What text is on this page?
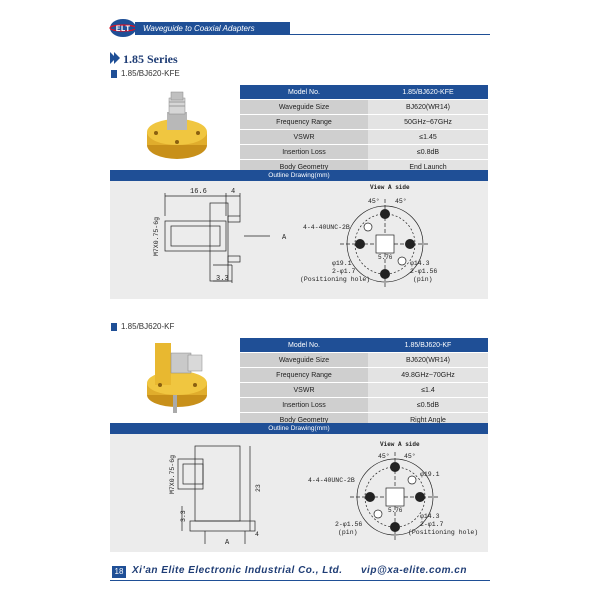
ELT	Waveguide to Coaxial Adapters
1.85 Series
1.85/BJ620-KFE
Model No.	1.85/BJ620-KFE
Waveguide Size	BJ620(WR14)
Frequency Range	50GHz~67GHz
VSWR	≤1.45
Insertion Loss	≤0.8dB
Body Geometry	End Launch
Outline Drawing(mm)
16.6	4
M7X0.75-6g
3.3
A
View A side
45° 45°
4-4-40UNC-2B
5.76
φ19.1
2-φ1.7
(Positioning hole)
φ14.3
2-φ1.56
(pin)
1.85/BJ620-KF
Model No.	1.85/BJ620-KF
Waveguide Size	BJ620(WR14)
Frequency Range	49.8GHz~70GHz
VSWR	≤1.4
Insertion Loss	≤0.5dB
Body Geometry	Right Angle
Outline Drawing(mm)
M7X0.75-6g	23
3.3
4
A
View A side
45° 45°
4-4-40UNC-2B
5.76
φ19.1
φ14.3
2-φ1.56
(pin)
2-φ1.7
(Positioning hole)
18 Xi'an Elite Electronic Industrial Co., Ltd. vip@xa-elite.com.cn
